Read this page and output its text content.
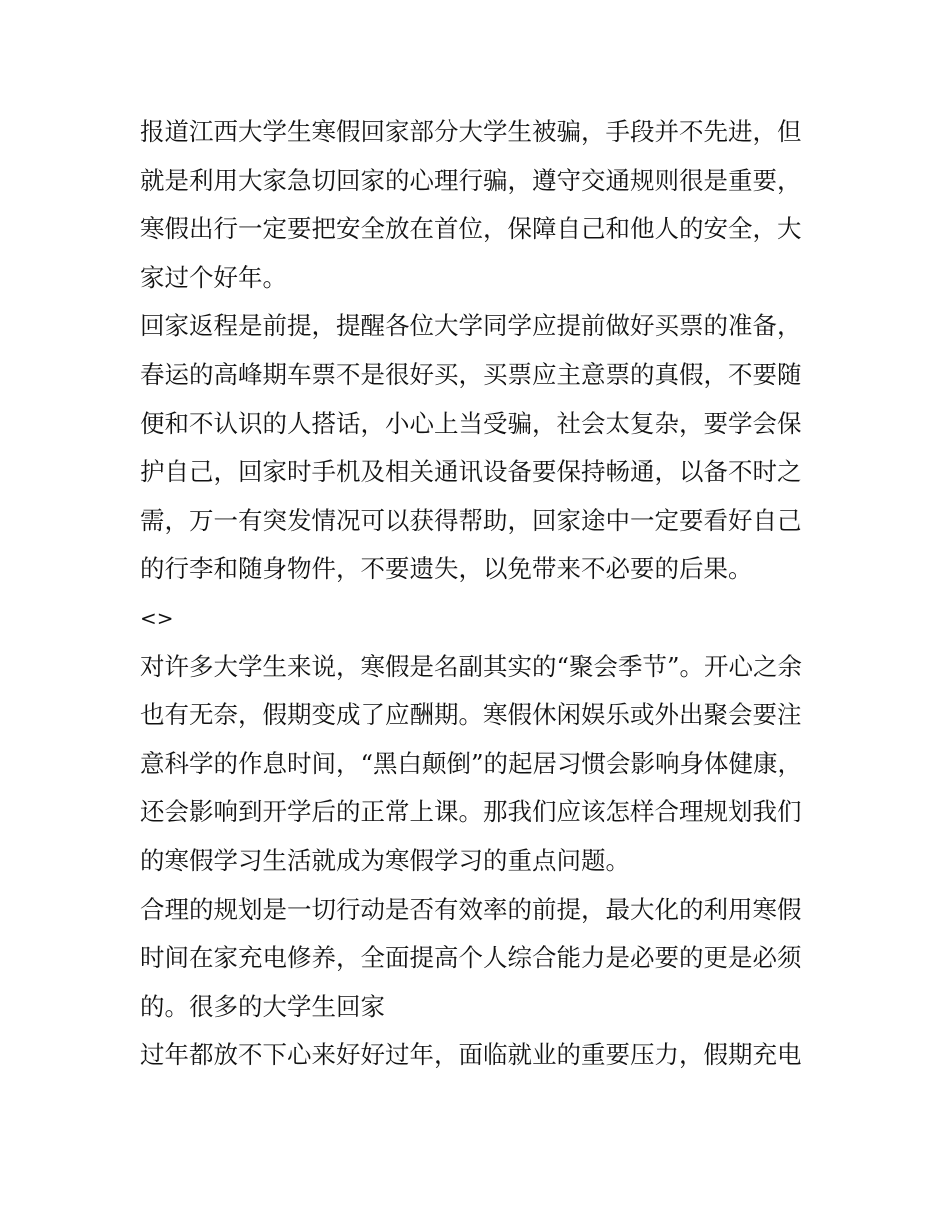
报道江西大学生寒假回家部分大学生被骗，手段并不先进，但
就是利用大家急切回家的心理行骗，遵守交通规则很是重要，
寒假出行一定要把安全放在首位，保障自己和他人的安全，大
家过个好年。
回家返程是前提，提醒各位大学同学应提前做好买票的准备，
春运的高峰期车票不是很好买，买票应主意票的真假，不要随
便和不认识的人搭话，小心上当受骗，社会太复杂，要学会保
护自己，回家时手机及相关通讯设备要保持畅通，以备不时之
需，万一有突发情况可以获得帮助，回家途中一定要看好自己
的行李和随身物件，不要遗失，以免带来不必要的后果。
<>
对许多大学生来说，寒假是名副其实的“聚会季节”。开心之余
也有无奈，假期变成了应酬期。寒假休闲娱乐或外出聚会要注
意科学的作息时间，“黑白颠倒”的起居习惯会影响身体健康，
还会影响到开学后的正常上课。那我们应该怎样合理规划我们
的寒假学习生活就成为寒假学习的重点问题。
合理的规划是一切行动是否有效率的前提，最大化的利用寒假
时间在家充电修养，全面提高个人综合能力是必要的更是必须
的。很多的大学生回家
过年都放不下心来好好过年，面临就业的重要压力，假期充电
